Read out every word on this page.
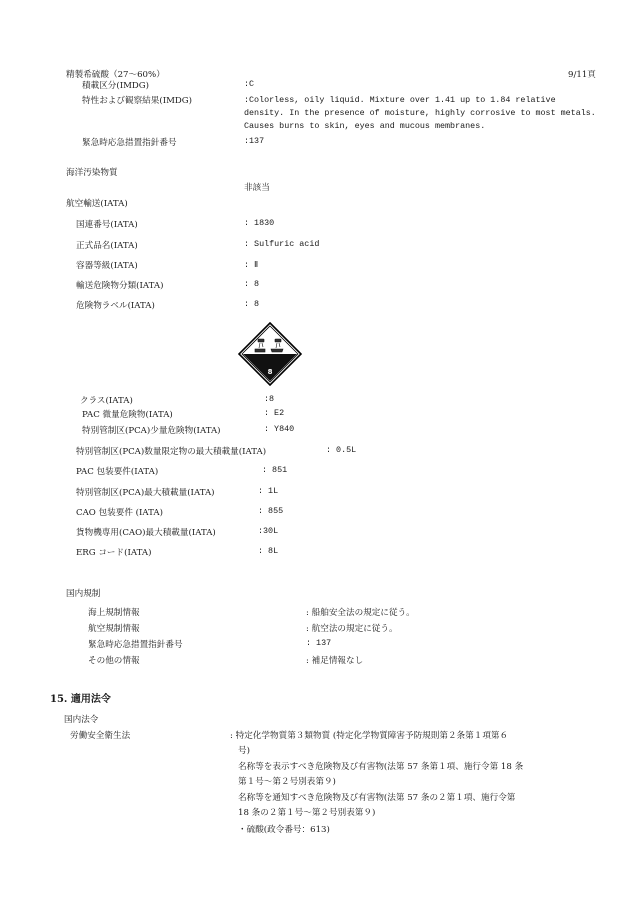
精製希硫酸（27～60%）	9/11頁
積載区分(IMDG)	:C
特性および観察結果(IMDG)	:Colorless, oily liquid. Mixture over 1.41 up to 1.84 relative density. In the presence of moisture, highly corrosive to most metals. Causes burns to skin, eyes and mucous membranes.
緊急時応急措置指針番号	:137
海洋汚染物質
非該当
航空輸送(IATA)
国連番号(IATA)	: 1830
正式品名(IATA)	: Sulfuric acid
容器等級(IATA)	: Ⅱ
輸送危険物分類(IATA)	: 8
危険物ラベル(IATA)	: 8
8
クラス(IATA)	:8
PAC 微量危険物(IATA)	: E2
特別管制区(PCA)少量危険物(IATA)	: Y840
特別管制区(PCA)数量限定物の最大積載量(IATA)	: 0.5L
PAC 包装要件(IATA)	: 851
特別管制区(PCA)最大積載量(IATA)	: 1L
CAO 包装要件 (IATA)	: 855
貨物機専用(CAO)最大積載量(IATA)	:30L
ERG コード(IATA)	: 8L
国内規制
海上規制情報	: 船舶安全法の規定に従う。
航空規制情報	: 航空法の規定に従う。
緊急時応急措置指針番号	: 137
その他の情報	: 補足情報なし
15. 適用法令
国内法令
労働安全衛生法	: 特定化学物質第３類物質 (特定化学物質障害予防規則第２条第１項第６
号)
名称等を表示すべき危険物及び有害物(法第 57 条第１項、施行令第 18 条
第１号～第２号別表第９)
名称等を通知すべき危険物及び有害物(法第 57 条の２第１項、施行令第
18 条の２第１号～第２号別表第９)
・硫酸(政令番号：613)
